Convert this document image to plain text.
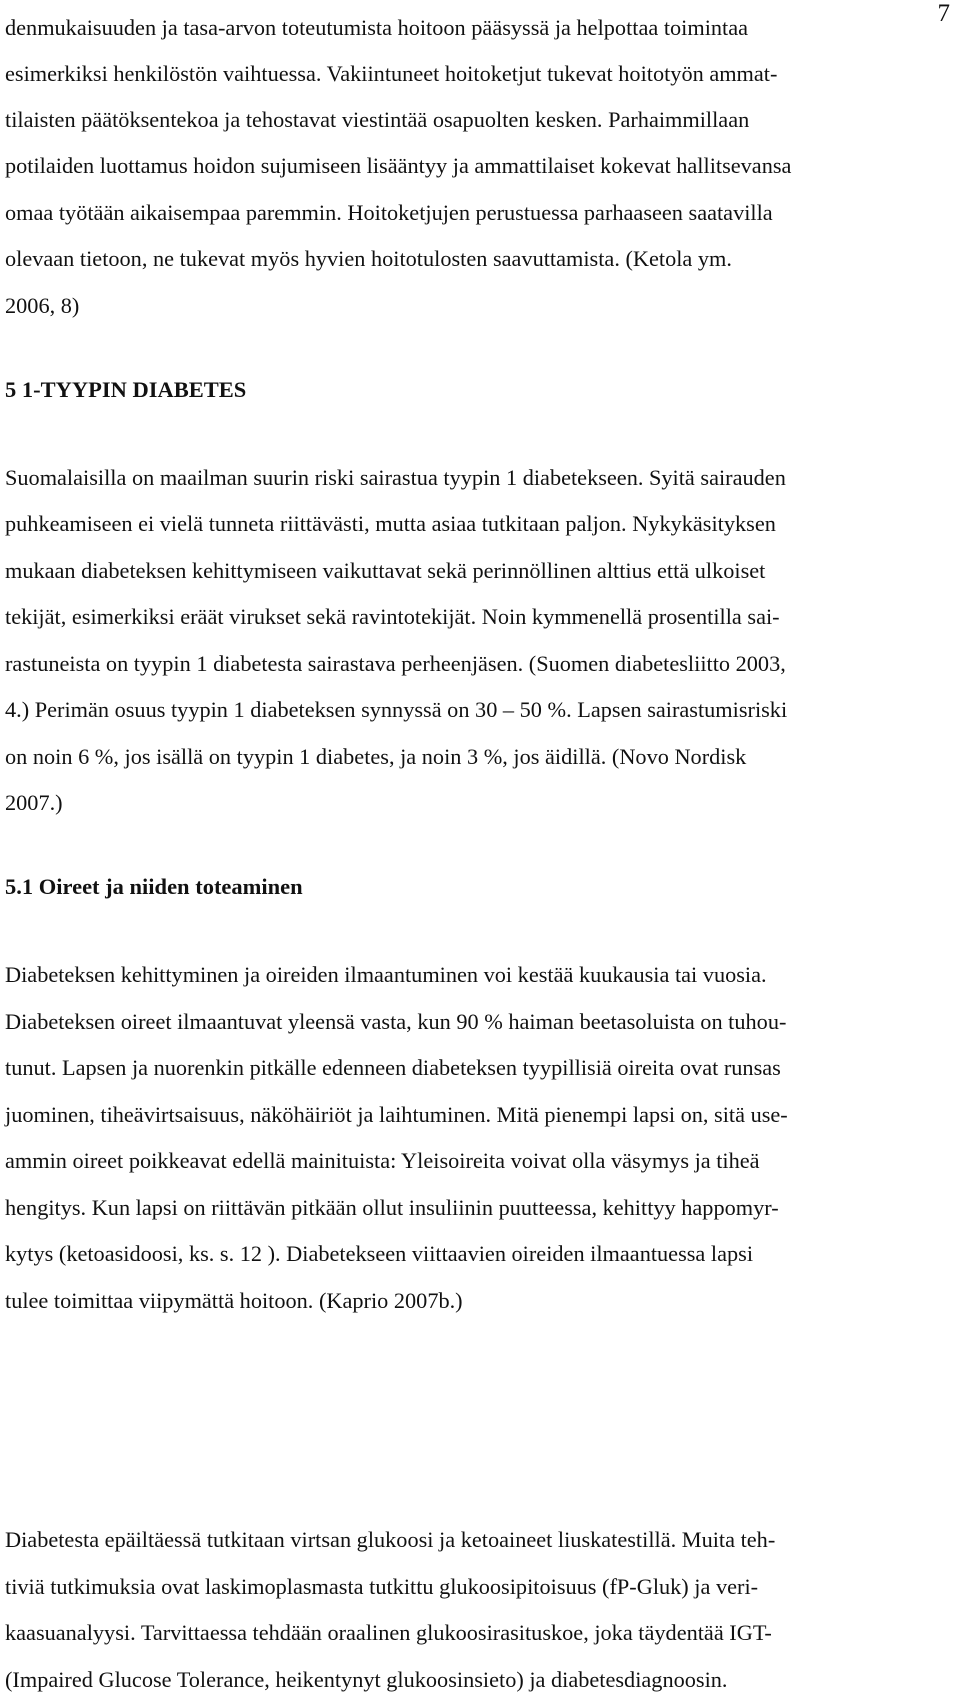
7
denmukaisuuden ja tasa-arvon toteutumista hoitoon pääsyssä ja helpottaa toimintaa
esimerkiksi henkilöstön vaihtuessa. Vakiintuneet hoitoketjut tukevat hoitotyön ammat-
tilaisten päätöksentekoa ja tehostavat viestintää osapuolten kesken. Parhaimmillaan
potilaiden luottamus hoidon sujumiseen lisääntyy ja ammattilaiset kokevat hallitsevansa
omaa työtään aikaisempaa paremmin. Hoitoketjujen perustuessa parhaaseen saatavilla
olevaan tietoon, ne tukevat myös hyvien hoitotulosten saavuttamista. (Ketola ym.
2006, 8)
5 1-TYYPIN DIABETES
Suomalaisilla on maailman suurin riski sairastua tyypin 1 diabetekseen. Syitä sairauden
puhkeamiseen ei vielä tunneta riittävästi, mutta asiaa tutkitaan paljon. Nykykäsityksen
mukaan diabeteksen kehittymiseen vaikuttavat sekä perinnöllinen alttius että ulkoiset
tekijät, esimerkiksi eräät virukset sekä ravintotekijät. Noin kymmenellä prosentilla sai-
rastuneista on tyypin 1 diabetesta sairastava perheenjäsen. (Suomen diabetesliitto 2003,
4.) Perimän osuus tyypin 1 diabeteksen synnyssä on 30 – 50 %. Lapsen sairastumisriski
on noin 6 %, jos isällä on tyypin 1 diabetes, ja noin 3 %, jos äidillä. (Novo Nordisk
2007.)
5.1 Oireet ja niiden toteaminen
Diabeteksen kehittyminen ja oireiden ilmaantuminen voi kestää kuukausia tai vuosia.
Diabeteksen oireet ilmaantuvat yleensä vasta, kun 90 % haiman beetasoluista on tuhou-
tunut. Lapsen ja nuorenkin pitkälle edenneen diabeteksen tyypillisiä oireita ovat runsas
juominen, tiheävirtsaisuus, näköhäiriöt ja laihtuminen. Mitä pienempi lapsi on, sitä use-
ammin oireet poikkeavat edellä mainituista: Yleisoireita voivat olla väsymys ja tiheä
hengitys. Kun lapsi on riittävän pitkään ollut insuliinin puutteessa, kehittyy happomyr-
kytys (ketoasidoosi, ks. s. 12 ). Diabetekseen viittaavien oireiden ilmaantuessa lapsi
tulee toimittaa viipymättä hoitoon. (Kaprio 2007b.)
Diabetesta epäiltäessä tutkitaan virtsan glukoosi ja ketoaineet liuskatestillä. Muita teh-
tiviä tutkimuksia ovat laskimoplasmasta tutkittu glukoosipitoisuus (fP-Gluk) ja veri-
kaasuanalyysi. Tarvittaessa tehdään oraalinen glukoosirasituskoe, joka täydentää IGT-
(Impaired Glucose Tolerance, heikentynyt glukoosinsieto) ja diabetesdiagnoosin.
